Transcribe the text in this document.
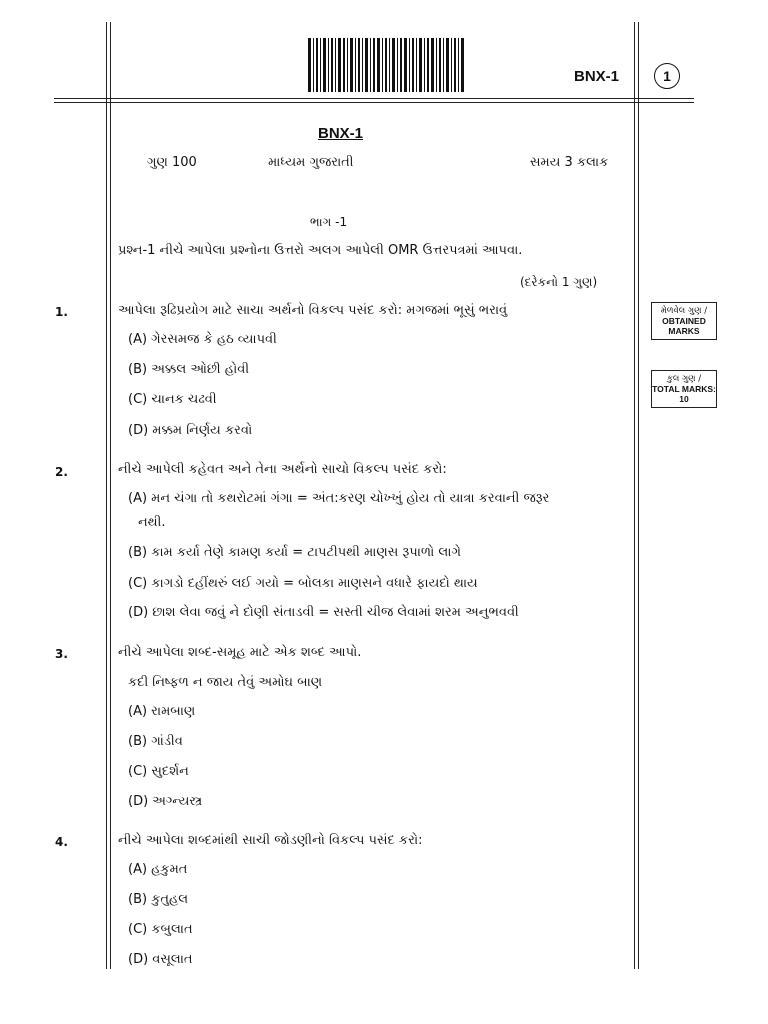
BNX-1	1
BNX-1
ગુણ 100	માધ્યમ ગુજરાતી	સમય 3 કલાક
ભાગ -1
પ્રશ્ન-1 નીચે આપેલા પ્રશ્નોના ઉત્તરો અલગ આપેલી OMR ઉત્તરપત્રમાં આપવા.
(દરેકનો 1 ગુણ)
મેળવેલ ગુણ /
OBTAINED MARKS
કુલ ગુણ /
TOTAL MARKS: 10
1.	આપેલા રૂઢિપ્રયોગ માટે સાચા અર્થનો વિકલ્પ પસંદ કરો: મગજમાં ભૂસું ભરાવું
(A) ગેરસમજ કે હઠ વ્યાપવી
(B) અક્કલ ઓછી હોવી
(C) ચાનક ચઢવી
(D) મક્કમ નિર્ણય કરવો
2.	નીચે આપેલી કહેવત અને તેના અર્થનો સાચો વિકલ્પ પસંદ કરો:
(A) મન ચંગા તો કથરોટમાં ગંગા = અંત:કરણ ચોખ્ખું હોય તો યાત્રા કરવાની જરૂર
નથી.
(B) કામ કર્યા તેણે કામણ કર્યા = ટાપટીપથી માણસ રૂપાળો લાગે
(C) કાગડો દહીંથરું લઈ ગયો = બોલકા માણસને વધારે ફાયદો થાય
(D) છાશ લેવા જવું ને દોણી સંતાડવી = સસ્તી ચીજ લેવામાં શરમ અનુભવવી
3.	નીચે આપેલા શબ્દ-સમૂહ માટે એક શબ્દ આપો.
કદી નિષ્ફળ ન જાય તેવું અમોઘ બાણ
(A) રામબાણ
(B) ગાંડીવ
(C) સુદર્શન
(D) અગ્ન્યસ્ત્ર
4.	નીચે આપેલા શબ્દમાંથી સાચી જોડણીનો વિકલ્પ પસંદ કરો:
(A) હકુમત
(B) કુતુહલ
(C) કબુલાત
(D) વસૂલાત
